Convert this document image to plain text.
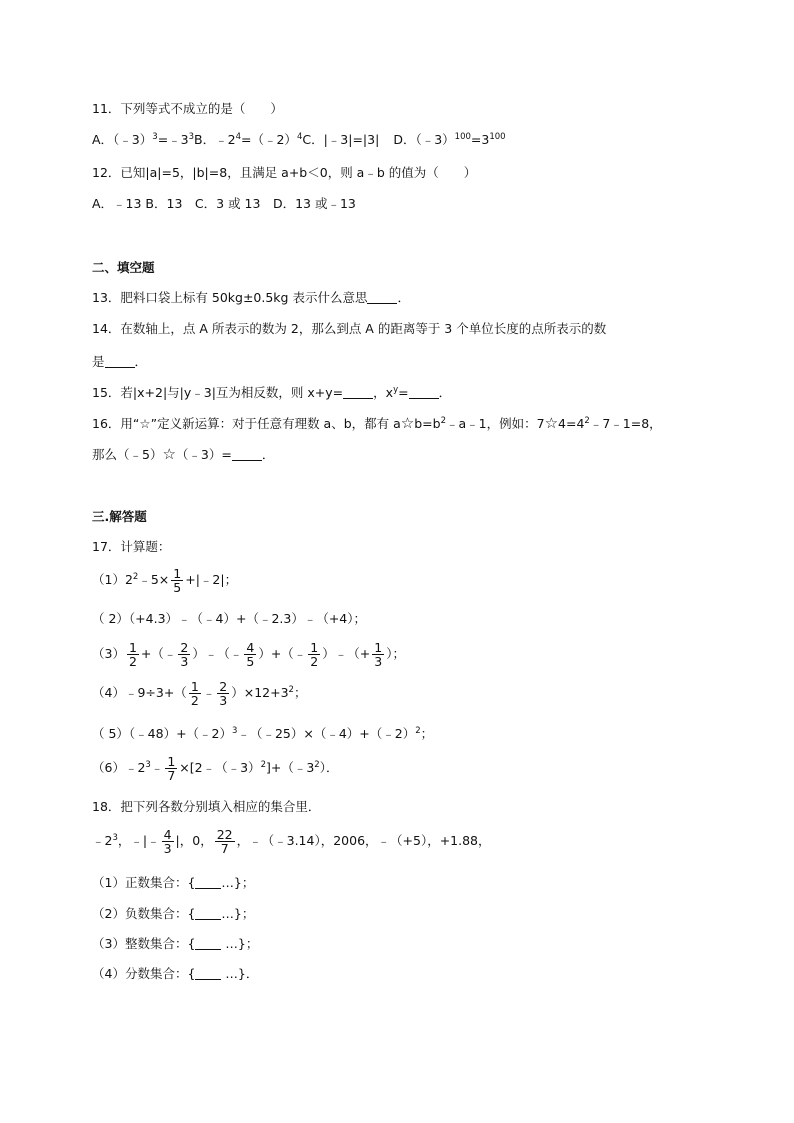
11．下列等式不成立的是（　　）
A．$(﹣3)^3=﹣3^3B$．$﹣2^4=(﹣2)^4C$．|﹣3|=|3| D．$(﹣3)^{100}=3^{100}$
12．已知|a|=5，|b|=8，且满足 a+b＜0，则 a﹣b 的值为（　　）
A．﹣13 B．13　C．3 或 13　D．13 或﹣13
二、填空题
13．肥料口袋上标有 50kg±0.5kg 表示什么意思 ．
14．在数轴上，点 A 所表示的数为 2，那么到点 A 的距离等于 3 个单位长度的点所表示的数
是 ．
15．若|x+2|与|y﹣3|互为相反数，则 x+y= ，$x^y=$ ．
16．用“☆”定义新运算：对于任意有理数 a、b，都有 $a☆b=b^2﹣a﹣1$，例如：$7☆4=4^2﹣7﹣1=8$，
那么（﹣5）☆（﹣3）= ．
三.解答题
17．计算题：
$(1)2^2﹣5\times \frac{1}{5}$ +|﹣2|；
（ 2）（+4.3）﹣（﹣4）+（﹣2.3）﹣（+4）；
$(3) \frac{1}{2}$ +（﹣ $\frac{2}{3}$ ）﹣（﹣ $\frac{4}{5}$ ）+（﹣ $\frac{1}{2}$ ）﹣（+ $\frac{1}{3}$ ）；
（4）﹣9÷3+（ $\frac{1}{2}$ ﹣ $\frac{2}{3} )\times 12+3^2$；
（ 5）（﹣48）+（﹣2）$^3$﹣（﹣25）×（﹣4）+（﹣2）$^2$；
$(6)﹣2^3﹣ \frac{1}{7}$ $\times[2﹣(﹣3)^2]+(﹣3^2)$．
18．把下列各数分别填入相应的集合里．
$﹣2^3$，﹣|﹣ $\frac{4}{3}$ |，0， $\frac{22}{7}$ ，﹣（﹣3.14），2006，﹣（+5），+1.88，
（1）正数集合：{ …}；
（2）负数集合：{ …}；
（3）整数集合：{ …}；
（4）分数集合：{ …}．
